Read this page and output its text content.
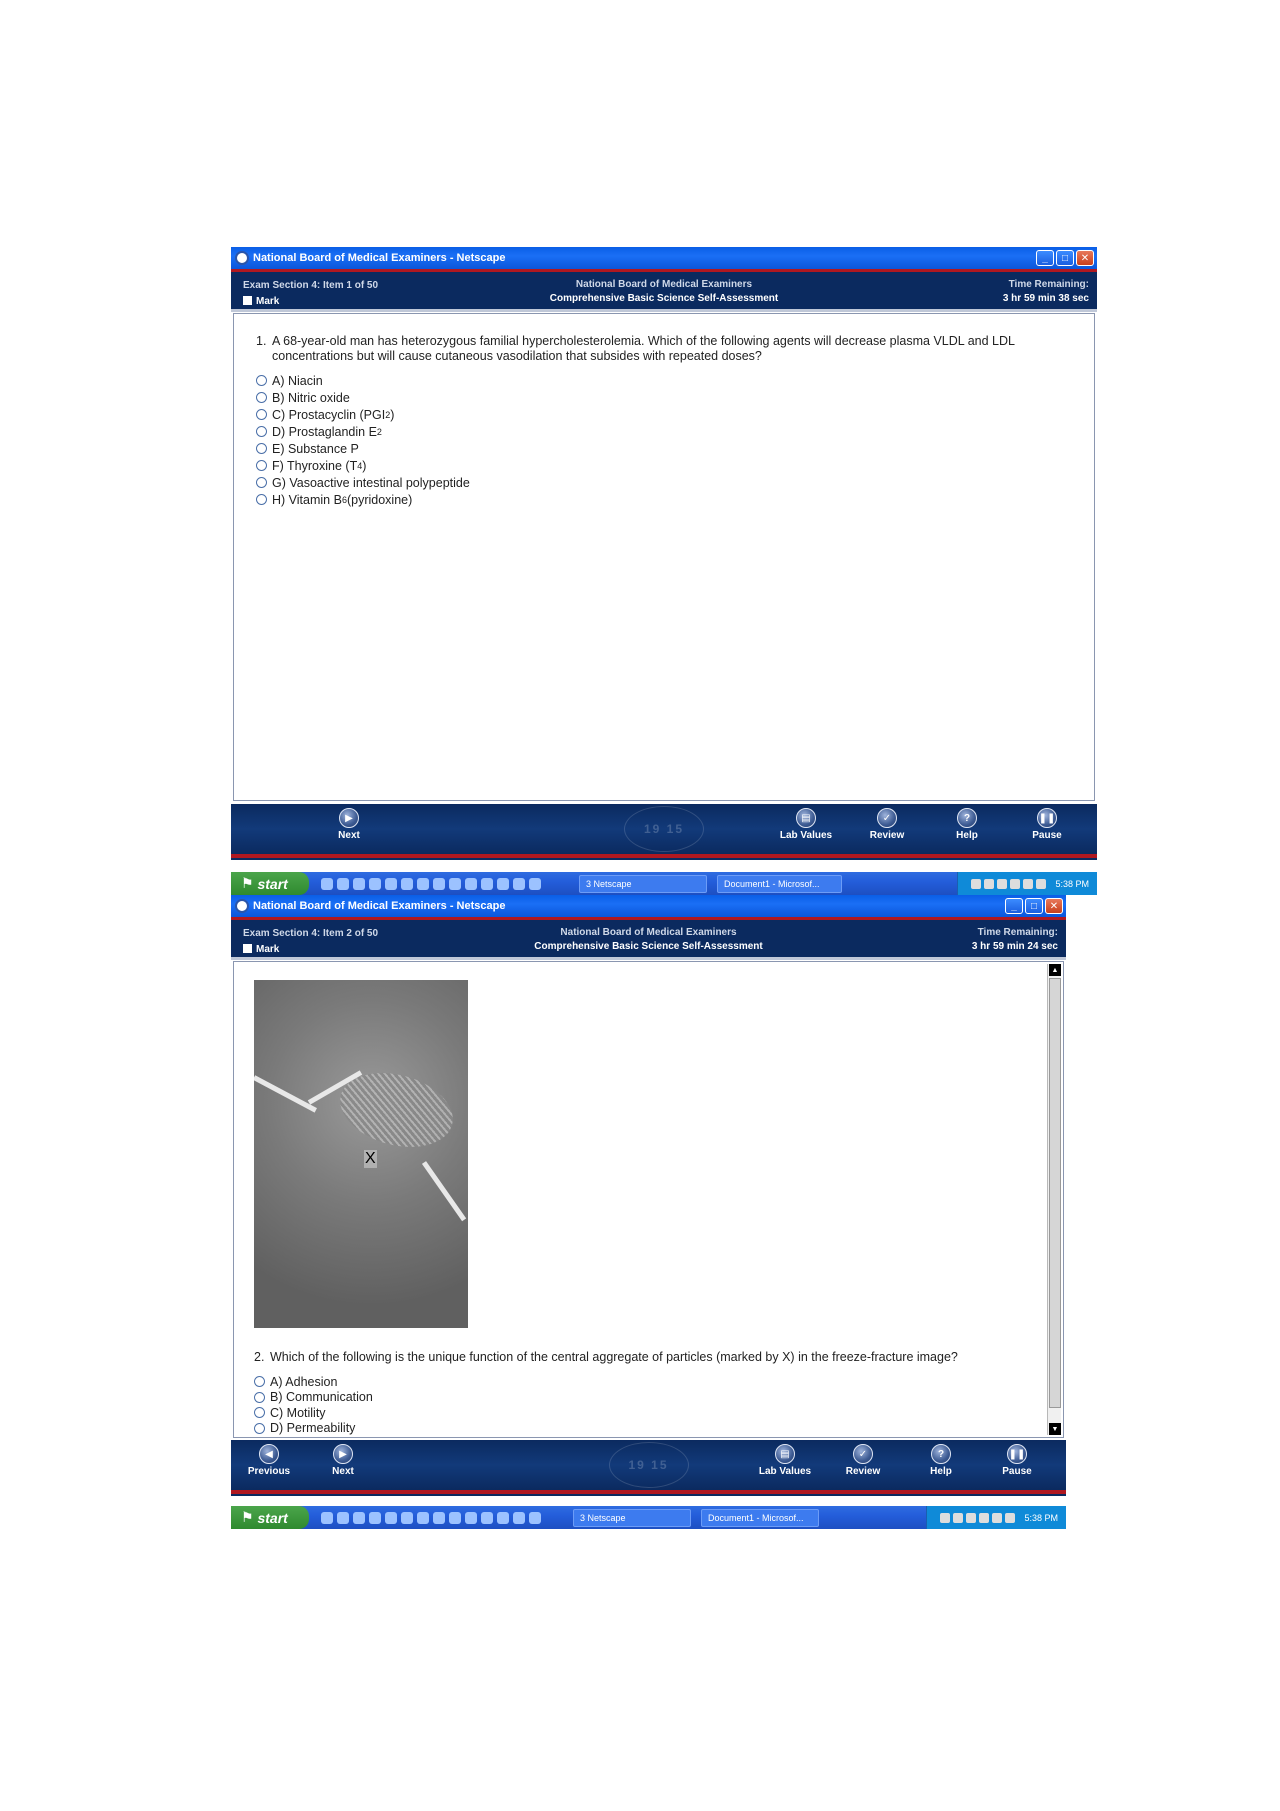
National Board of Medical Examiners - Netscape	_	□	✕
Exam Section 4: Item 1 of 50
Mark
National Board of Medical Examiners
Comprehensive Basic Science Self-Assessment
Time Remaining:
3 hr 59 min 38 sec
1. A 68-year-old man has heterozygous familial hypercholesterolemia. Which of the following agents will decrease plasma VLDL and LDL
concentrations but will cause cutaneous vasodilation that subsides with repeated doses?
A) Niacin
B) Nitric oxide
C) Prostacyclin (PGI 2 )
D) Prostaglandin E 2
E) Substance P
F) Thyroxine (T 4 )
G) Vasoactive intestinal polypeptide
H) Vitamin B 6 (pyridoxine)
19 15
▶
Next
▤
Lab Values
✓
Review
?
Help
❚❚
Pause
⚑ start	3 Netscape	Document1 - Microsof...	5:38 PM
National Board of Medical Examiners - Netscape	_	□	✕
Exam Section 4: Item 2 of 50
Mark
National Board of Medical Examiners
Comprehensive Basic Science Self-Assessment
Time Remaining:
3 hr 59 min 24 sec
X
2. Which of the following is the unique function of the central aggregate of particles (marked by X) in the freeze-fracture image?
A) Adhesion
B) Communication
C) Motility
D) Permeability
▲
▼
19 15
◀
Previous
▶
Next
▤
Lab Values
✓
Review
?
Help
❚❚
Pause
⚑ start	3 Netscape	Document1 - Microsof...	5:38 PM
